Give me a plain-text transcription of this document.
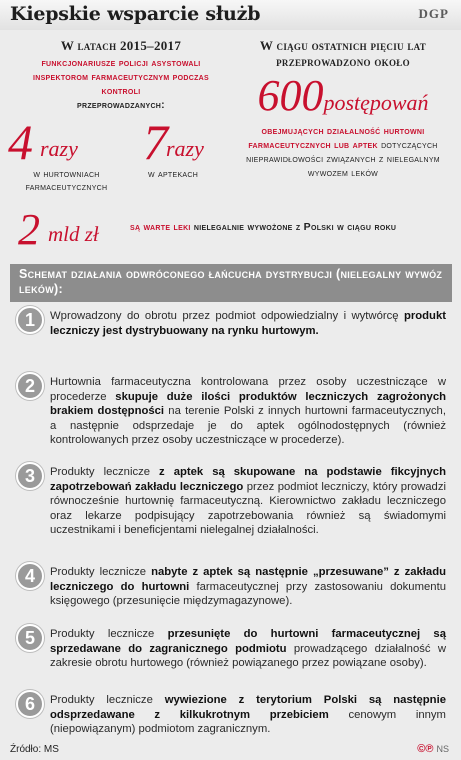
Kiepskie wsparcie służb	DGP
W latach 2015–2017
funkcjonariusze policji asystowali inspektorom farmaceutycznym podczas kontroli
przeprowadzanych:
4 razy
w hurtowniach farmaceutycznych
7
razy
w aptekach
W ciągu ostatnich pięciu lat przeprowadzono około
600postępowań
obejmujących działalność hurtowni farmaceutycznych lub aptek dotyczących nieprawidłowości związanych z nielegalnym wywozem leków
2 mld zł	są warte leki nielegalnie wywożone z Polski w ciągu roku
Schemat działania odwróconego łańcucha dystrybucji (nielegalny wywóz leków):
1	Wprowadzony do obrotu przez podmiot odpowiedzialny i wytwórcę produkt leczniczy jest dystrybuowany na rynku hurtowym.
2	Hurtownia farmaceutyczna kontrolowana przez osoby uczestniczące w procederze skupuje duże ilości produktów leczniczych zagrożonych brakiem dostępności na terenie Polski z innych hurtowni farmaceutycznych, a następnie odsprzedaje je do aptek ogólnodostępnych (również kontrolowanych przez osoby uczestniczące w procederze).
3	Produkty lecznicze z aptek są skupowane na podstawie fikcyjnych zapotrzebowań zakładu leczniczego przez podmiot leczniczy, który prowadzi równocześnie hurtownię farmaceutyczną. Kierownictwo zakładu leczniczego oraz lekarze podpisujący zapotrzebowania również są świadomymi uczestnikami i beneficjentami nielegalnej działalności.
4	Produkty lecznicze nabyte z aptek są następnie „przesuwane” z zakładu leczniczego do hurtowni farmaceutycznej przy zastosowaniu dokumentu księgowego (przesunięcie międzymagazynowe).
5	Produkty lecznicze przesunięte do hurtowni farmaceutycznej są sprzedawane do zagranicznego podmiotu prowadzącego działalność w zakresie obrotu hurtowego (również powiązanego przez powiązane osoby).
6	Produkty lecznicze wywiezione z terytorium Polski są następnie odsprzedawane z kilkukrotnym przebiciem cenowym innym (niepowiązanym) podmiotom zagranicznym.
Źródło: MS	©℗ NS
